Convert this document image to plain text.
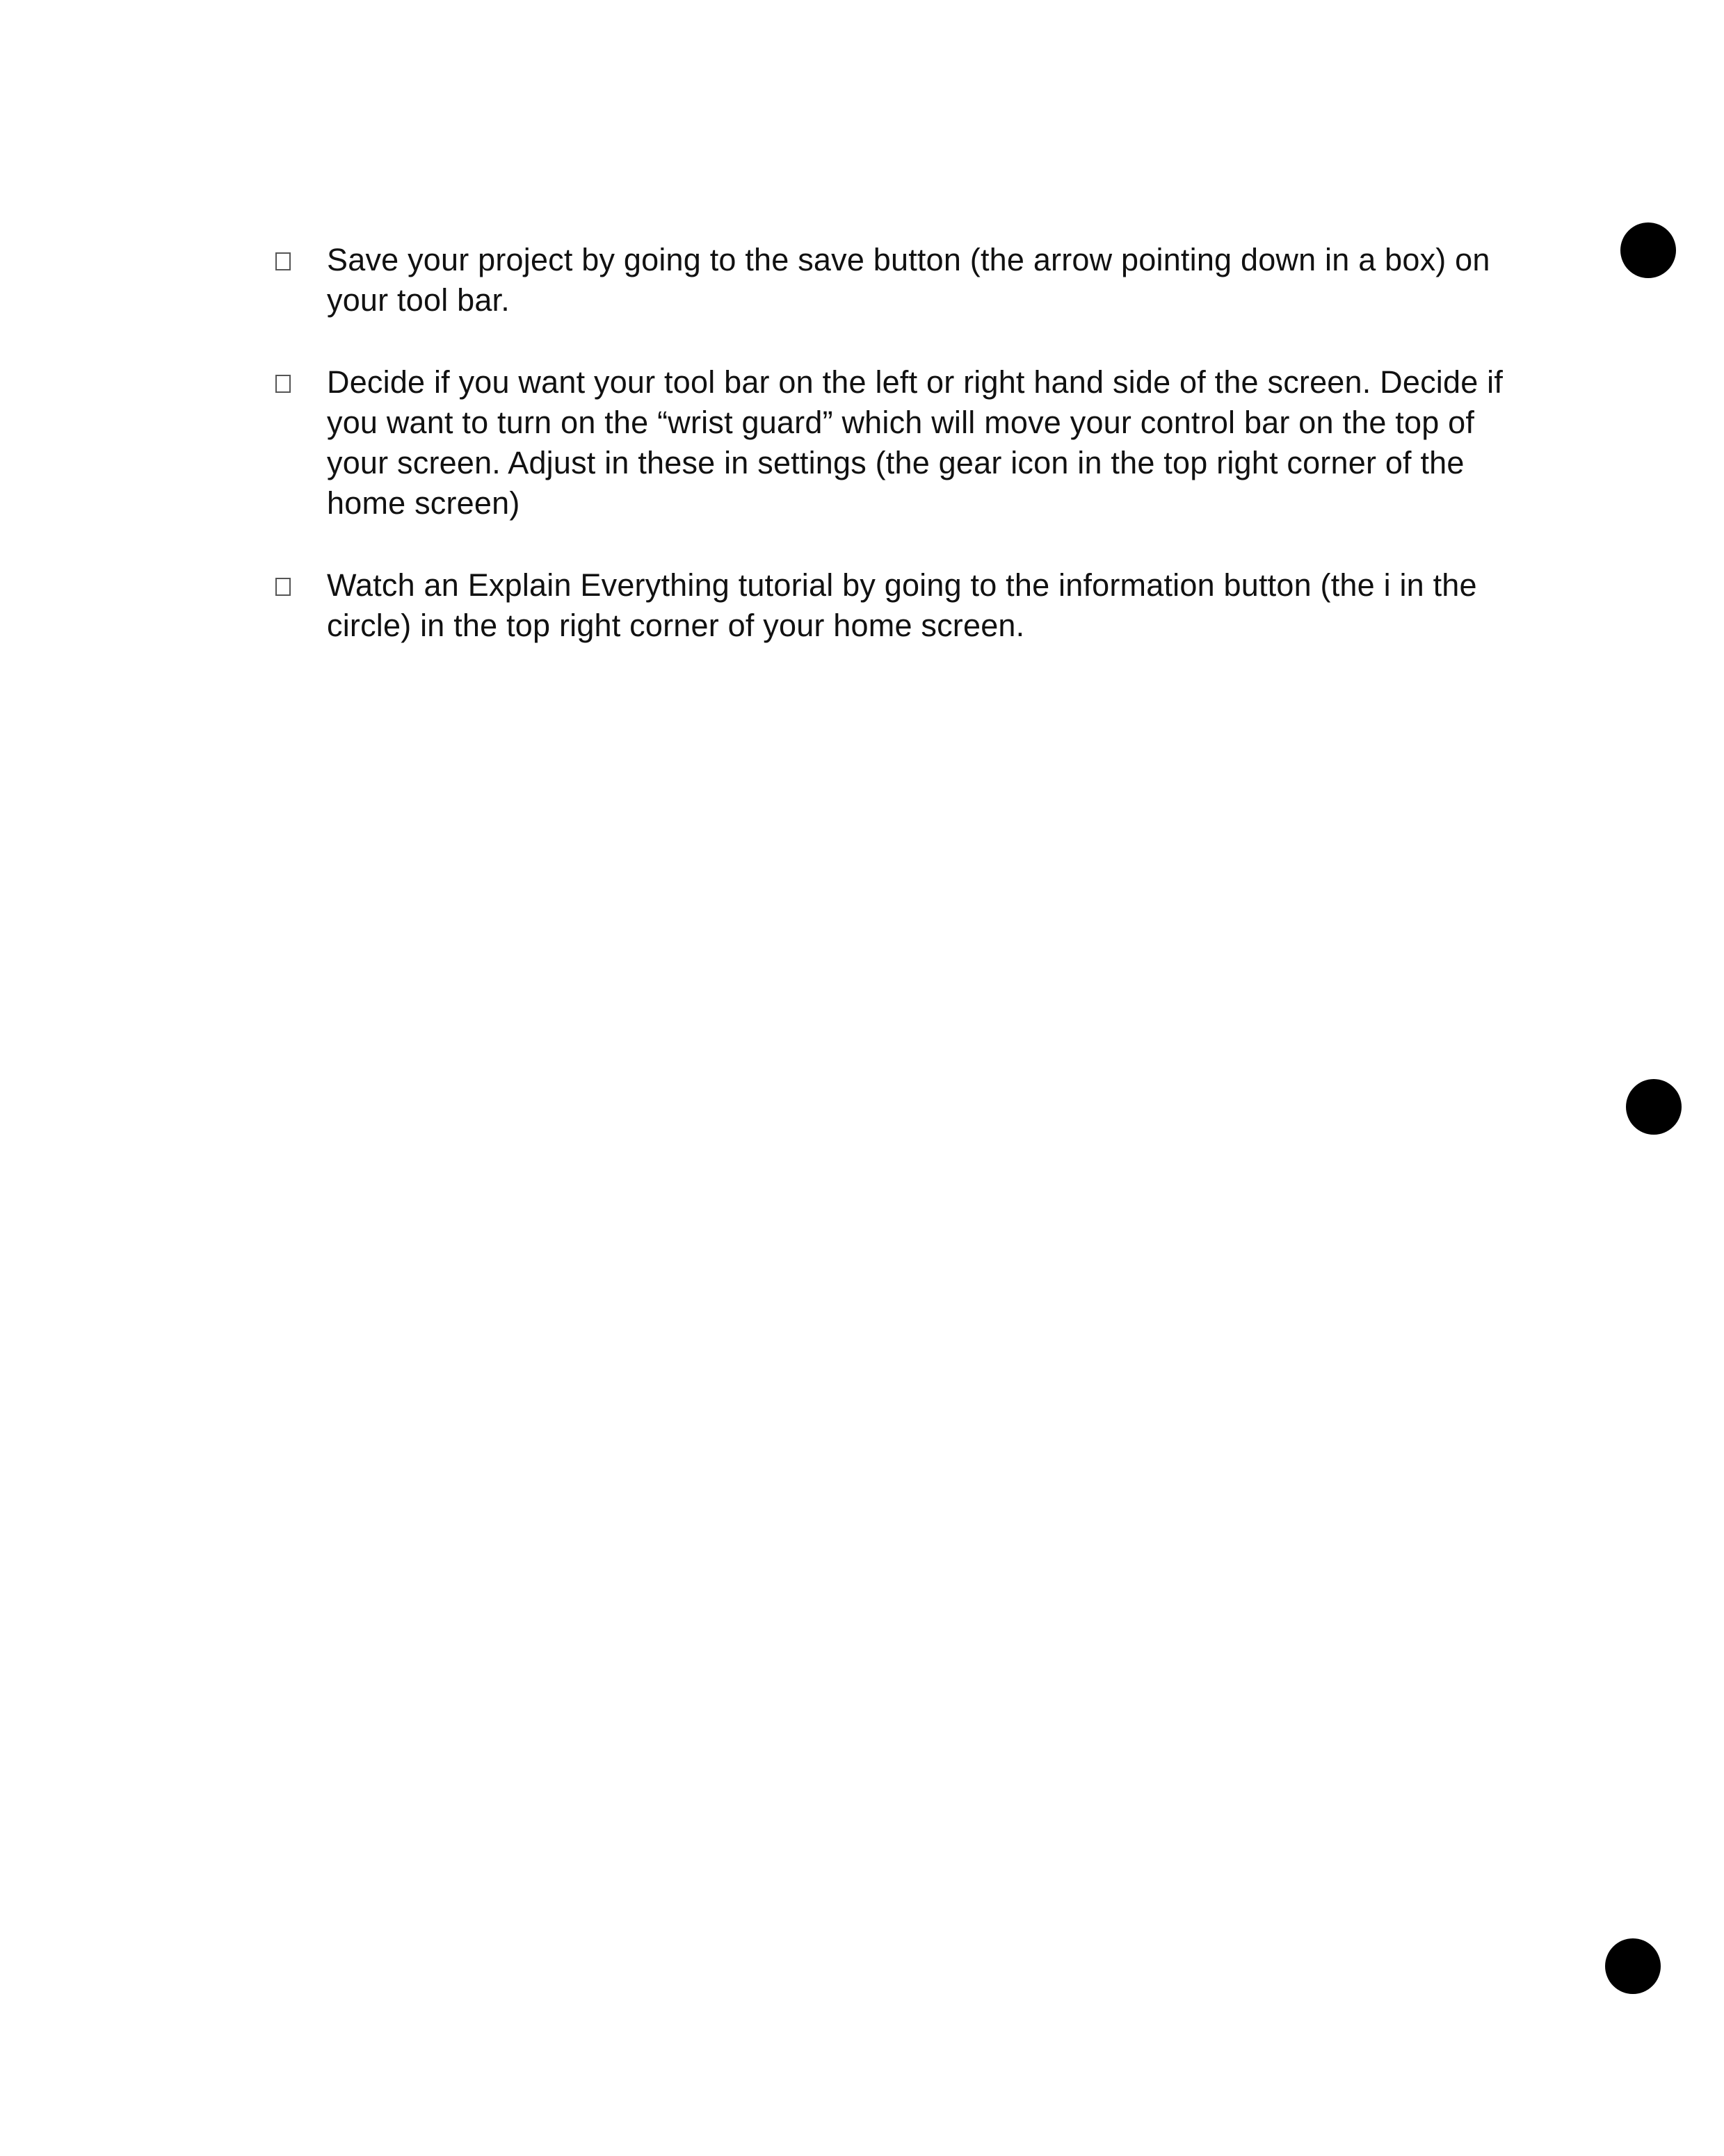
Save your project by going to the save button (the arrow pointing down in a box) on your tool bar.
Decide if you want your tool bar on the left or right hand side of the screen. Decide if you want to turn on the “wrist guard” which will move your control bar on the top of your screen. Adjust in these in settings (the gear icon in the top right corner of the home screen)
Watch an Explain Everything tutorial by going to the information button (the i in the circle) in the top right corner of your home screen.
